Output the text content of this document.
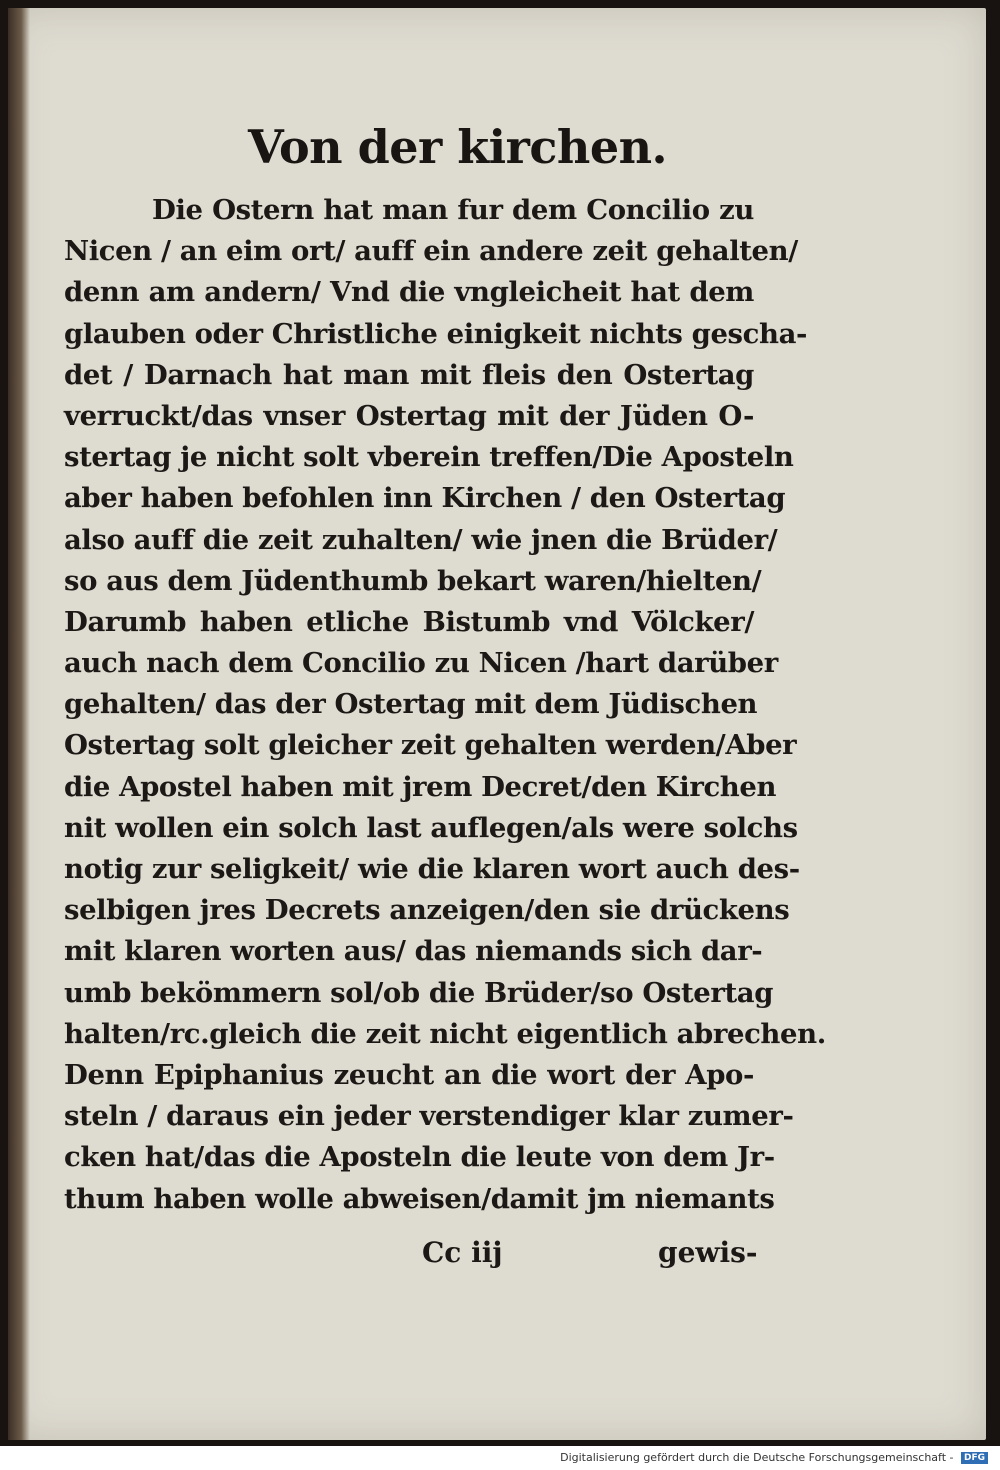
Von der kirchen.
Die Ostern hat man fur dem Concilio zu
Nicen / an eim ort/ auff ein andere zeit gehalten/
denn am andern/ Vnd die vngleicheit hat dem
glauben oder Christliche einigkeit nichts gescha-
det / Darnach hat man mit fleis den Ostertag
verruckt/das vnser Ostertag mit der Jüden O-
stertag je nicht solt vberein treffen/Die Aposteln
aber haben befohlen inn Kirchen / den Ostertag
also auff die zeit zuhalten/ wie jnen die Brüder/
so aus dem Jüdenthumb bekart waren/hielten/
Darumb haben etliche Bistumb vnd Völcker/
auch nach dem Concilio zu Nicen /hart darüber
gehalten/ das der Ostertag mit dem Jüdischen
Ostertag solt gleicher zeit gehalten werden/Aber
die Apostel haben mit jrem Decret/den Kirchen
nit wollen ein solch last auflegen/als were solchs
notig zur seligkeit/ wie die klaren wort auch des-
selbigen jres Decrets anzeigen/den sie drückens
mit klaren worten aus/ das niemands sich dar-
umb bekömmern sol/ob die Brüder/so Ostertag
halten/rc.gleich die zeit nicht eigentlich abrechen.
Denn Epiphanius zeucht an die wort der Apo-
steln / daraus ein jeder verstendiger klar zumer-
cken hat/das die Aposteln die leute von dem Jr-
thum haben wolle abweisen/damit jm niemants
Cc iij	gewis-
Digitalisierung gefördert durch die Deutsche Forschungsgemeinschaft - DFG
